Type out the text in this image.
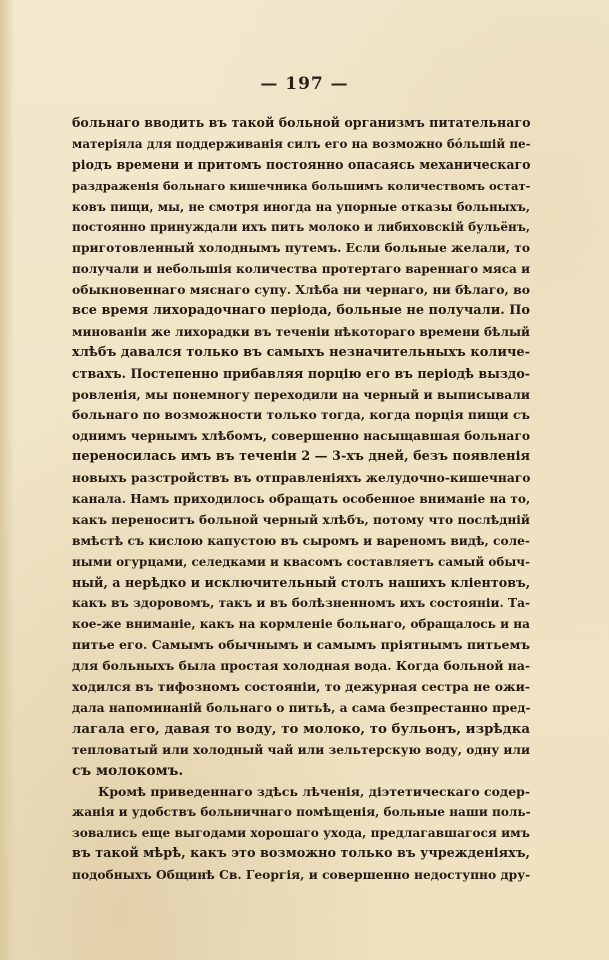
— 197 —
больнаго вводить въ такой больной организмъ питательнаго
матеріяла для поддерживанія силъ его на возможно бóльшій пе-
ріодъ времени и притомъ постоянно опасаясь механическаго
раздраженія больнаго кишечника большимъ количествомъ остат-
ковъ пищи, мы, не смотря иногда на упорные отказы больныхъ,
постоянно принуждали ихъ пить молоко и либиховскій бульёнъ,
приготовленный холоднымъ путемъ. Если больные желали, то
получали и небольшія количества протертаго вареннаго мяса и
обыкновеннаго мяснаго супу. Хлѣба ни чернаго, ни бѣлаго, во
все время лихорадочнаго періода, больные не получали. По
минованіи же лихорадки въ теченіи нѣкотораго времени бѣлый
хлѣбъ давался только въ самыхъ незначительныхъ количе-
ствахъ. Постепенно прибавляя порцію его въ періодѣ выздо-
ровленія, мы понемногу переходили на черный и выписывали
больнаго по возможности только тогда, когда порція пищи съ
однимъ чернымъ хлѣбомъ, совершенно насыщавшая больнаго
переносилась имъ въ теченіи 2 — 3-хъ дней, безъ появленія
новыхъ разстройствъ въ отправленіяхъ желудочно-кишечнаго
канала. Намъ приходилось обращать особенное вниманіе на то,
какъ переноситъ больной черный хлѣбъ, потому что послѣдній
вмѣстѣ съ кислою капустою въ сыромъ и вареномъ видѣ, соле-
ными огурцами, селедками и квасомъ составляетъ самый обыч-
ный, а нерѣдко и исключительный столъ нашихъ кліентовъ,
какъ въ здоровомъ, такъ и въ болѣзненномъ ихъ состояніи. Та-
кое-же вниманіе, какъ на кормленіе больнаго, обращалось и на
питье его. Самымъ обычнымъ и самымъ пріятнымъ питьемъ
для больныхъ была простая холодная вода. Когда больной на-
ходился въ тифозномъ состояніи, то дежурная сестра не ожи-
дала напоминаній больнаго о питьѣ, а сама безпрестанно пред-
лагала его, давая то воду, то молоко, то бульонъ, изрѣдка
тепловатый или холодный чай или зельтерскую воду, одну или
съ молокомъ.
Кромѣ приведеннаго здѣсь лѣченія, діэтетическаго содер-
жанія и удобствъ больничнаго помѣщенія, больные наши поль-
зовались еще выгодами хорошаго ухода, предлагавшагося имъ
въ такой мѣрѣ, какъ это возможно только въ учрежденіяхъ,
подобныхъ Общинѣ Св. Георгія, и совершенно недоступно дру-
